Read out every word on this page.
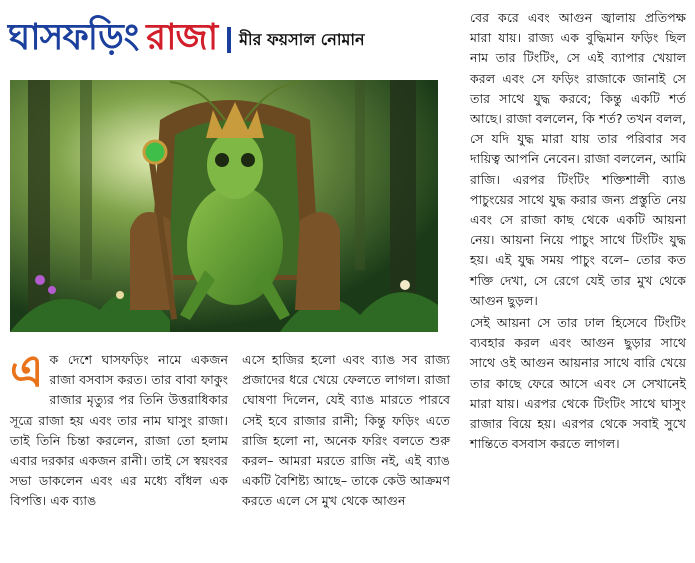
ঘাসফড়িং রাজা মীর ফয়সাল নোমান
এক দেশে ঘাসফড়িং নামে একজন রাজা বসবাস করত। তার বাবা ফাকুং রাজার মৃত্যুর পর তিনি উত্তরাধিকার সূত্রে রাজা হয় এবং তার নাম ঘাসুং রাজা। তাই তিনি চিন্তা করলেন, রাজা তো হলাম এবার দরকার একজন রানী। তাই সে স্বয়ংবর সভা ডাকলেন এবং এর মধ্যে বাঁধল এক বিপত্তি। এক ব্যাঙ
এসে হাজির হলো এবং ব্যাঙ সব রাজ্য প্রজাদের ধরে খেয়ে ফেলতে লাগল। রাজা ঘোষণা দিলেন, যেই ব্যাঙ মারতে পারবে সেই হবে রাজার রানী; কিন্তু ফড়িং এতে রাজি হলো না, অনেক ফরিং বলতে শুরু করল– আমরা মরতে রাজি নই, এই ব্যাঙ একটি বৈশিষ্ট্য আছে– তাকে কেউ আক্রমণ করতে এলে সে মুখ থেকে আগুন

বের করে এবং আগুন জ্বালায় প্রতিপক্ষ মারা যায়। রাজ্য এক বুদ্ধিমান ফড়িং ছিল নাম তার টিংটিং, সে এই ব্যাপার খেয়াল করল এবং সে ফড়িং রাজাকে জানাই সে তার সাথে যুদ্ধ করবে; কিন্তু একটি শর্ত আছে। রাজা বললেন, কি শর্ত? তখন বলল, সে যদি যুদ্ধ মারা যায় তার পরিবার সব দায়িত্ব আপনি নেবেন। রাজা বললেন, আমি রাজি। এরপর টিংটিং শক্তিশালী ব্যাঙ পাচুংয়ের সাথে যুদ্ধ করার জন্য প্রস্তুতি নেয় এবং সে রাজা কাছ থেকে একটি আয়না নেয়। আয়না নিয়ে পাচুং সাথে টিংটিং যুদ্ধ হয়। এই যুদ্ধ সময় পাচুং বলে– তোর কত শক্তি দেখা, সে রেগে যেই তার মুখ থেকে আগুন ছুড়ল।

সেই আয়না সে তার ঢাল হিসেবে টিংটিং ব্যবহার করল এবং আগুন ছুড়ার সাথে সাথে ওই আগুন আয়নার সাথে বারি খেয়ে তার কাছে ফেরে আসে এবং সে সেখানেই মারা যায়। এরপর থেকে টিংটিং সাথে ঘাসুং রাজার বিয়ে হয়। এরপর থেকে সবাই সুখে শান্তিতে বসবাস করতে লাগল।
